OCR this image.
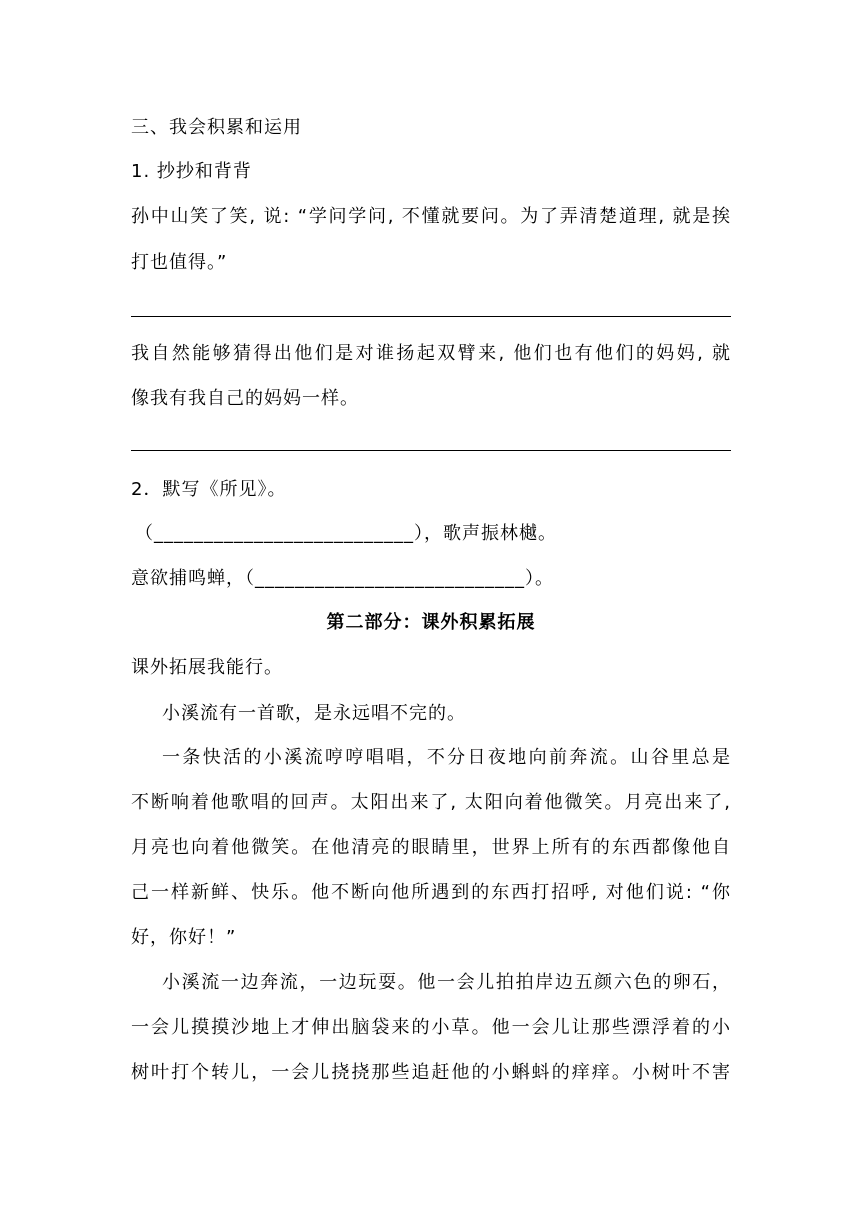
三、我会积累和运用
1. 抄抄和背背
孙中山笑了笑, 说: “学问学问, 不懂就要问。为了弄清楚道理, 就是挨
打也值得。”
我自然能够猜得出他们是对谁扬起双臂来, 他们也有他们的妈妈, 就
像我有我自己的妈妈一样。
2．默写《所见》。
（__________________________），歌声振林樾。
意欲捕鸣蝉，（___________________________）。
第二部分：课外积累拓展
课外拓展我能行。
小溪流有一首歌，是永远唱不完的。
一条快活的小溪流哼哼唱唱，不分日夜地向前奔流。山谷里总是
不断响着他歌唱的回声。太阳出来了, 太阳向着他微笑。月亮出来了,
月亮也向着他微笑。在他清亮的眼睛里，世界上所有的东西都像他自
己一样新鲜、快乐。他不断向他所遇到的东西打招呼, 对他们说: “你
好，你好！”
小溪流一边奔流，一边玩耍。他一会儿拍拍岸边五颜六色的卵石，
一会儿摸摸沙地上才伸出脑袋来的小草。他一会儿让那些漂浮着的小
树叶打个转儿，一会儿挠挠那些追赶他的小蝌蚪的痒痒。小树叶不害
